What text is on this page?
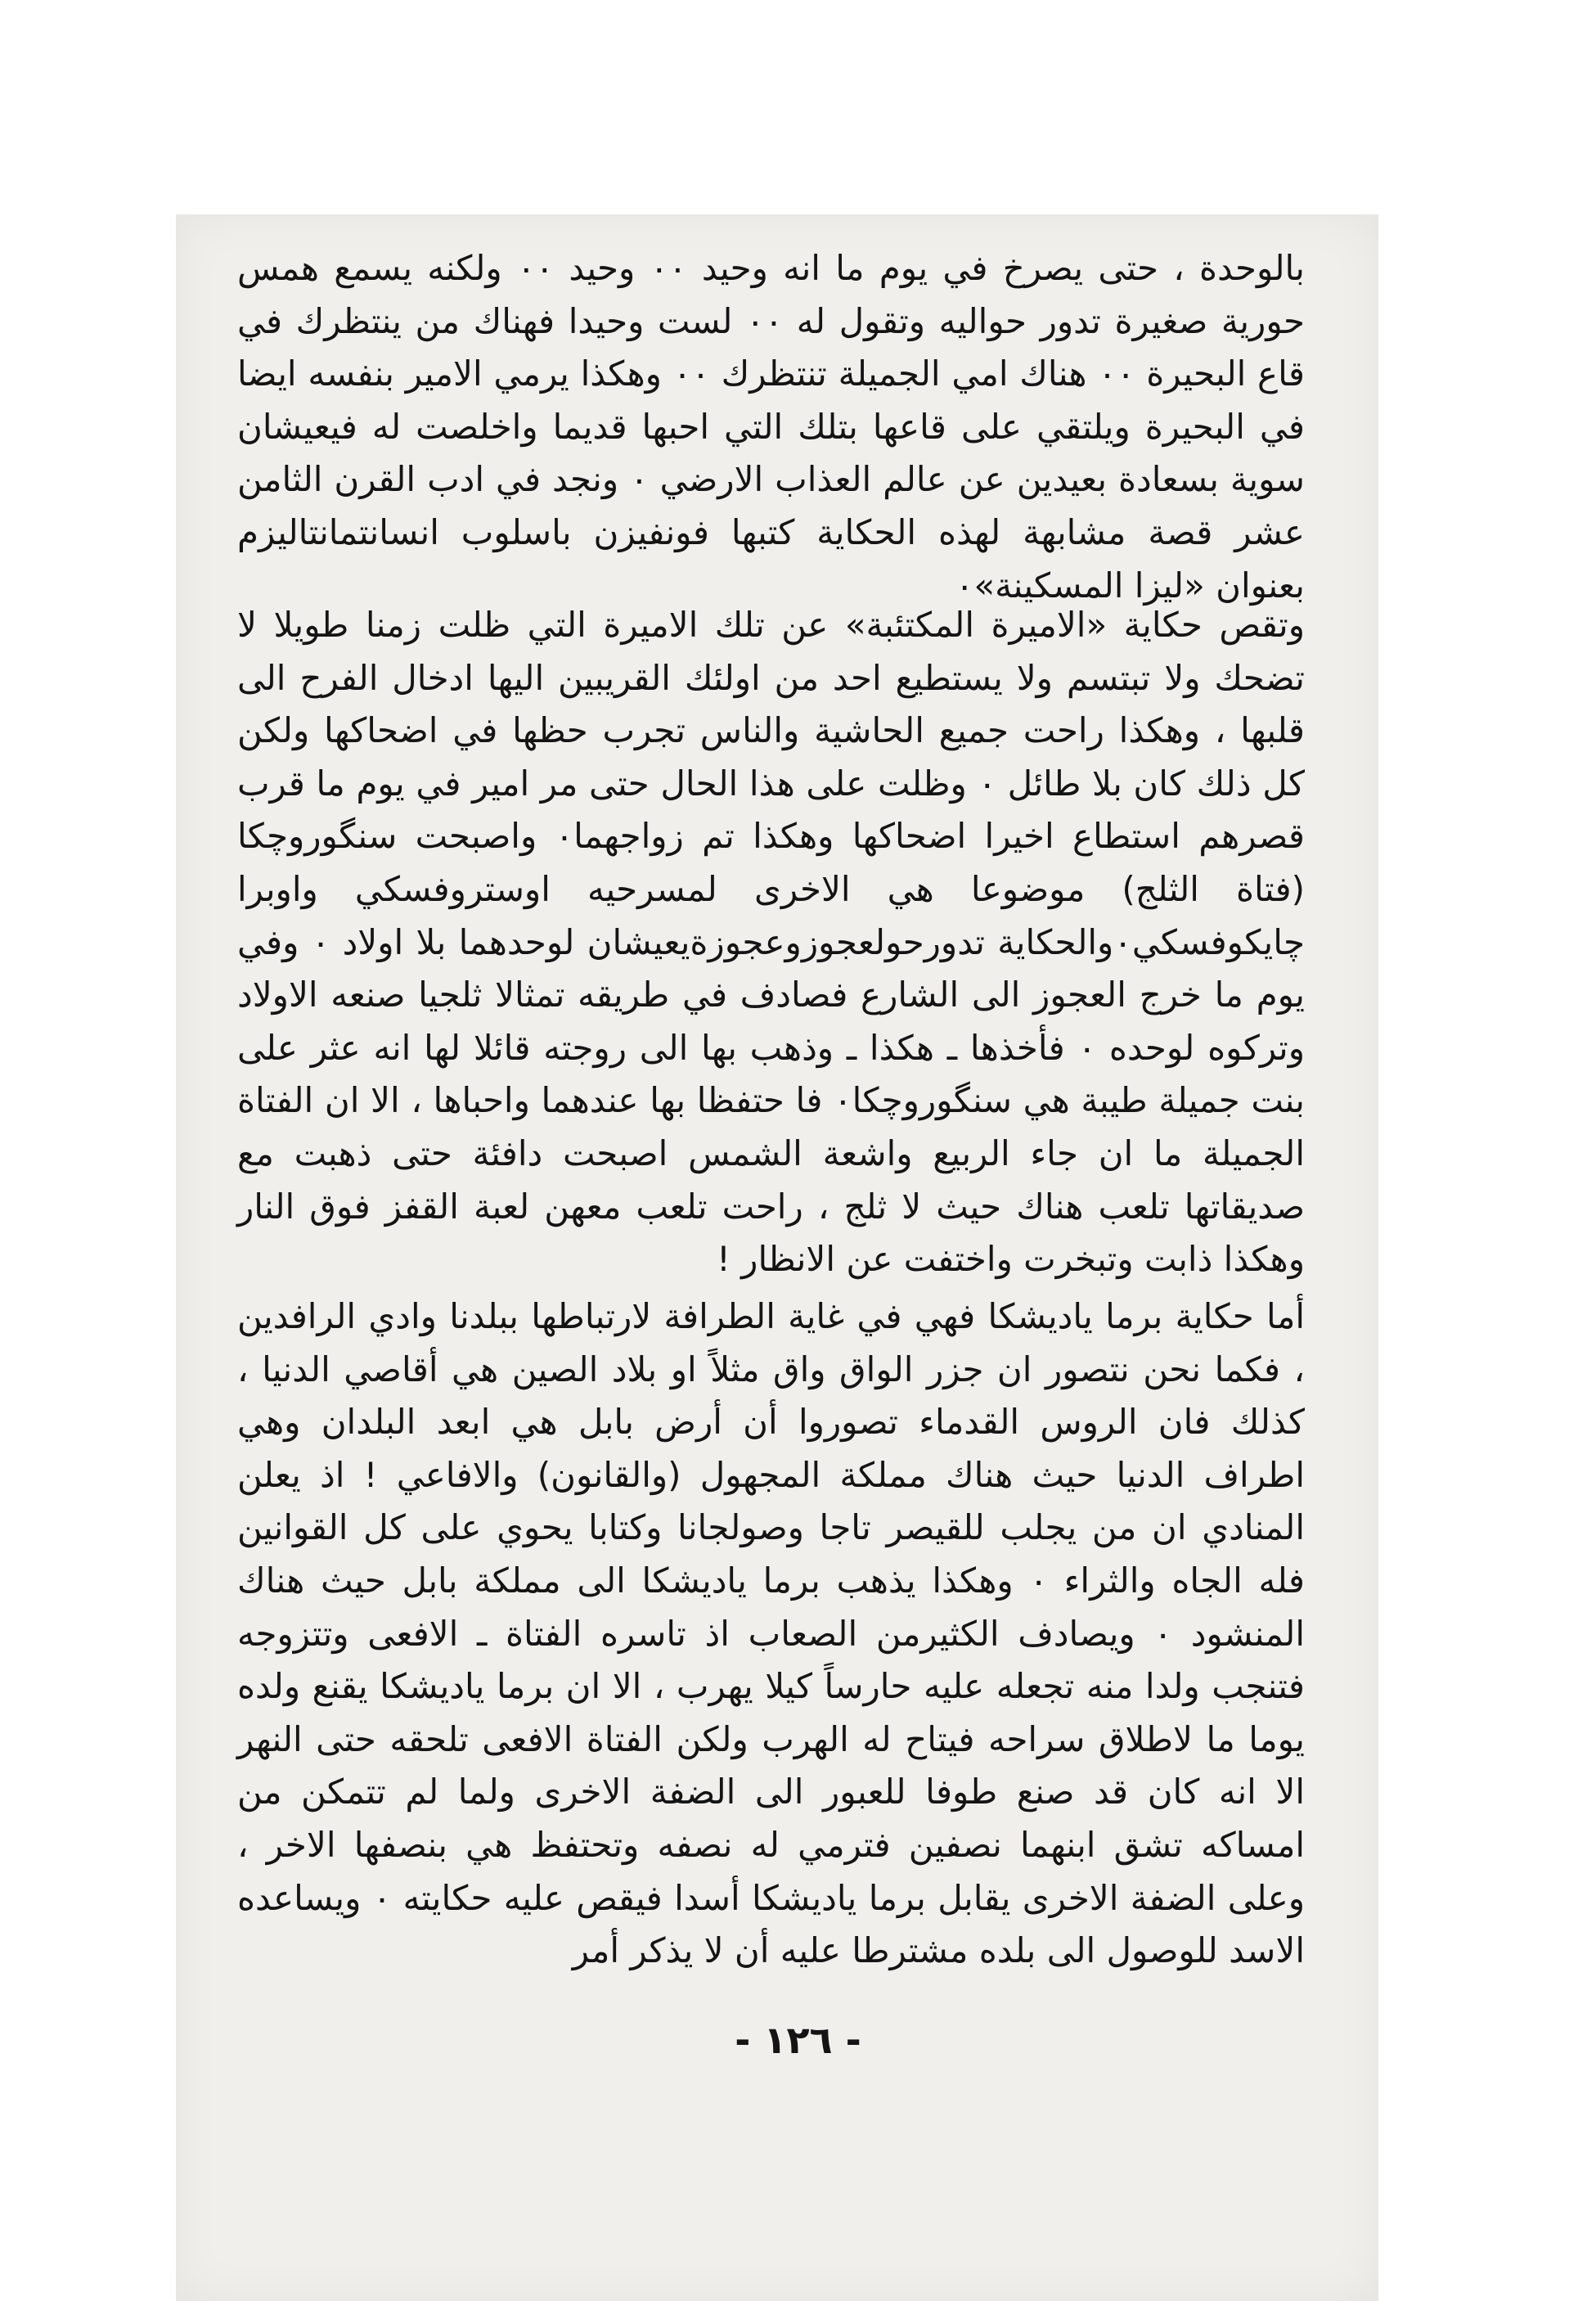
بالوحدة ، حتى يصرخ في يوم ما انه وحيد ٠٠ وحيد ٠٠ ولكنه يسمع همس حورية صغيرة تدور حواليه وتقول له ٠٠ لست وحيدا فهناك من ينتظرك في قاع البحيرة ٠٠ هناك امي الجميلة تنتظرك ٠٠ وهكذا يرمي الامير بنفسه ايضا في البحيرة ويلتقي على قاعها بتلك التي احبها قديما واخلصت له فيعيشان سوية بسعادة بعيدين عن عالم العذاب الارضي ٠ ونجد في ادب القرن الثامن عشر قصة مشابهة لهذه الحكاية كتبها فونفيزن باسلوب انسانتمانتاليزم بعنوان «ليزا المسكينة»٠

وتقص حكاية «الاميرة المكتئبة» عن تلك الاميرة التي ظلت زمنا طويلا لا تضحك ولا تبتسم ولا يستطيع احد من اولئك القريبين اليها ادخال الفرح الى قلبها ، وهكذا راحت جميع الحاشية والناس تجرب حظها في اضحاكها ولكن كل ذلك كان بلا طائل ٠ وظلت على هذا الحال حتى مر امير في يوم ما قرب قصرهم استطاع اخيرا اضحاكها وهكذا تم زواجهما٠ واصبحت سنگوروچكا (فتاة الثلج) موضوعا هي الاخرى لمسرحيه اوستروفسكي واوبرا چايكوفسكي٠والحكاية تدورحولعجوزوعجوزةيعيشان لوحدهما بلا اولاد ٠ وفي يوم ما خرج العجوز الى الشارع فصادف في طريقه تمثالا ثلجيا صنعه الاولاد وتركوه لوحده ٠ فأخذها ـ هكذا ـ وذهب بها الى روجته قائلا لها انه عثر على بنت جميلة طيبة هي سنگوروچكا٠ فا حتفظا بها عندهما واحباها ، الا ان الفتاة الجميلة ما ان جاء الربيع واشعة الشمس اصبحت دافئة حتى ذهبت مع صديقاتها تلعب هناك حيث لا ثلج ، راحت تلعب معهن لعبة القفز فوق النار وهكذا ذابت وتبخرت واختفت عن الانظار !

أما حكاية برما يادیشكا فهي في غاية الطرافة لارتباطها ببلدنا وادي الرافدين ، فكما نحن نتصور ان جزر الواق واق مثلاً او بلاد الصين هي أقاصي الدنيا ، كذلك فان الروس القدماء تصوروا أن أرض بابل هي ابعد البلدان وهي اطراف الدنيا حيث هناك مملكة المجهول (والقانون) والافاعي ! اذ يعلن المنادي ان من يجلب للقيصر تاجا وصولجانا وكتابا يحوي على كل القوانين فله الجاه والثراء ٠ وهكذا يذهب برما يادیشكا الى مملكة بابل حيث هناك المنشود ٠ ويصادف الكثيرمن الصعاب اذ تاسره الفتاة ـ الافعى وتتزوجه فتنجب ولدا منه تجعله عليه حارساً كيلا يهرب ، الا ان برما يادیشكا يقنع ولده يوما ما لاطلاق سراحه فيتاح له الهرب ولكن الفتاة الافعى تلحقه حتى النهر الا انه كان قد صنع طوفا للعبور الى الضفة الاخرى ولما لم تتمكن من امساكه تشق ابنهما نصفين فترمي له نصفه وتحتفظ هي بنصفها الاخر ، وعلى الضفة الاخرى يقابل برما یادیشكا أسدا فيقص عليه حكايته ٠ ويساعده الاسد للوصول الى بلده مشترطا عليه أن لا يذكر أمر

- ١٢٦ -
